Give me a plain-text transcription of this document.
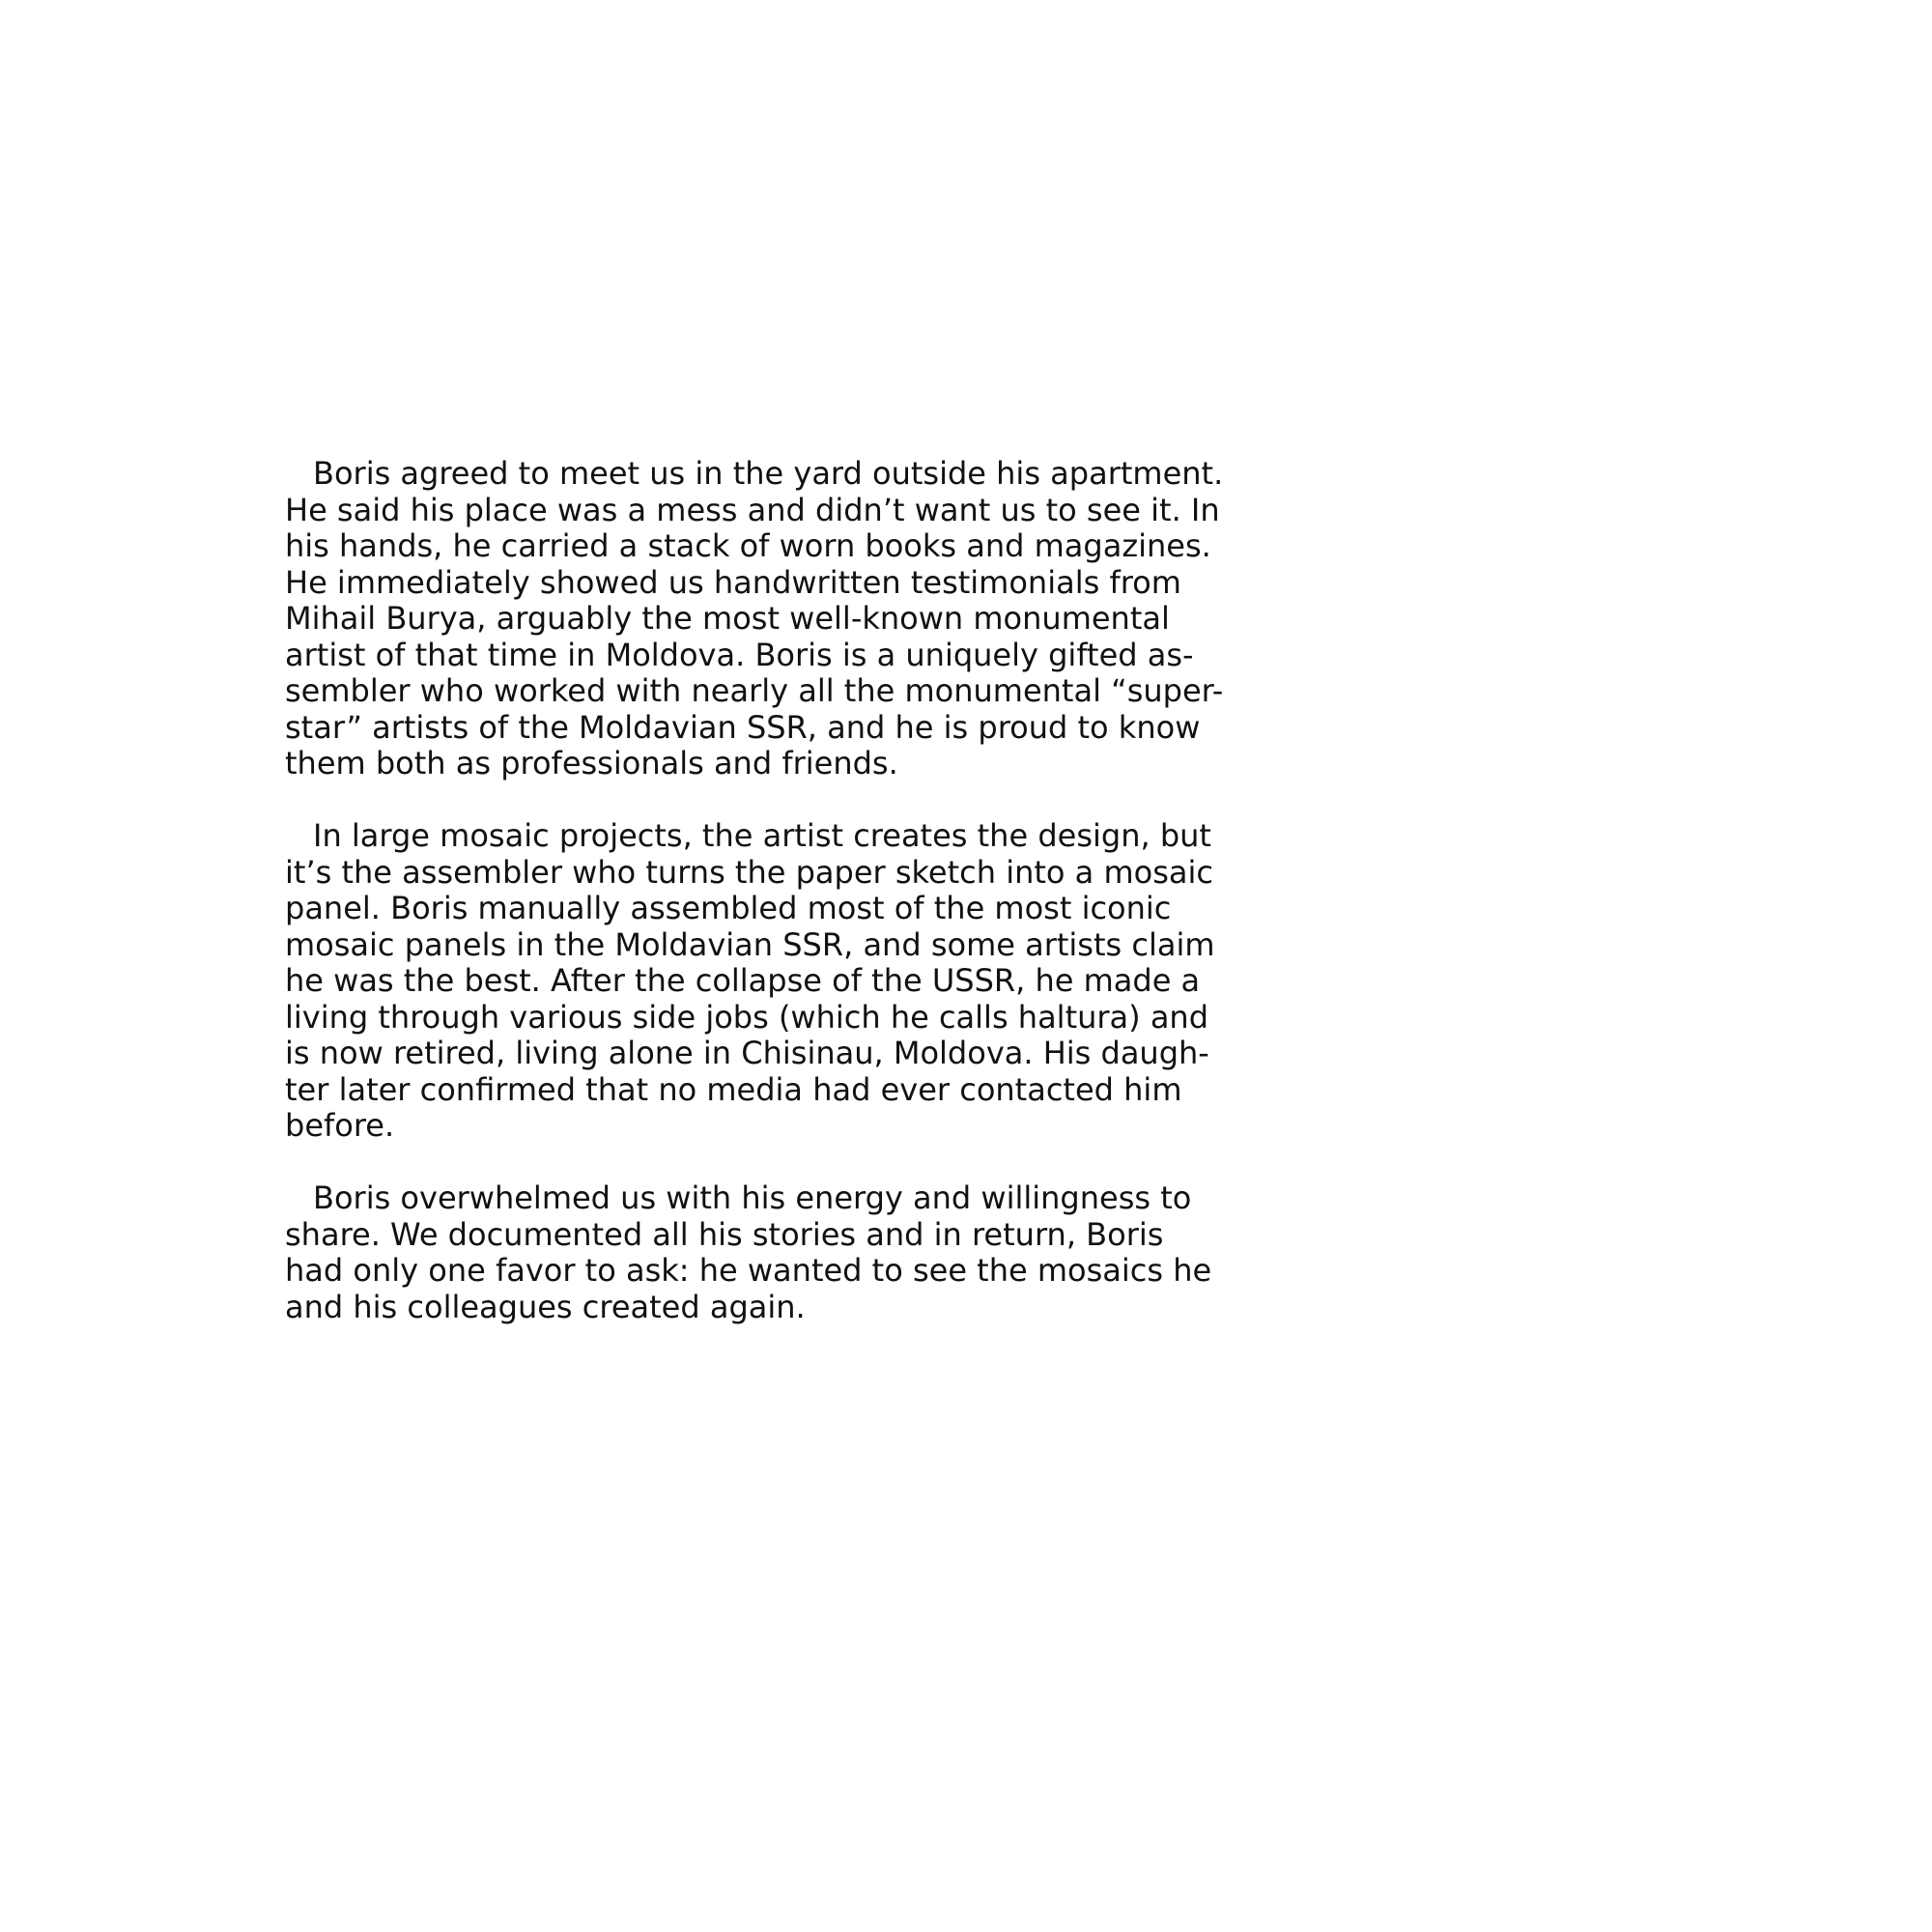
Boris agreed to meet us in the yard outside his apartment.
He said his place was a mess and didn’t want us to see it. In
his hands, he carried a stack of worn books and magazines.
He immediately showed us handwritten testimonials from
Mihail Burya, arguably the most well-known monumental
artist of that time in Moldova. Boris is a uniquely gifted as-
sembler who worked with nearly all the monumental “super-
star” artists of the Moldavian SSR, and he is proud to know
them both as professionals and friends.
In large mosaic projects, the artist creates the design, but
it’s the assembler who turns the paper sketch into a mosaic
panel. Boris manually assembled most of the most iconic
mosaic panels in the Moldavian SSR, and some artists claim
he was the best. After the collapse of the USSR, he made a
living through various side jobs (which he calls haltura) and
is now retired, living alone in Chisinau, Moldova. His daugh-
ter later confirmed that no media had ever contacted him
before.
Boris overwhelmed us with his energy and willingness to
share. We documented all his stories and in return, Boris
had only one favor to ask: he wanted to see the mosaics he
and his colleagues created again.
